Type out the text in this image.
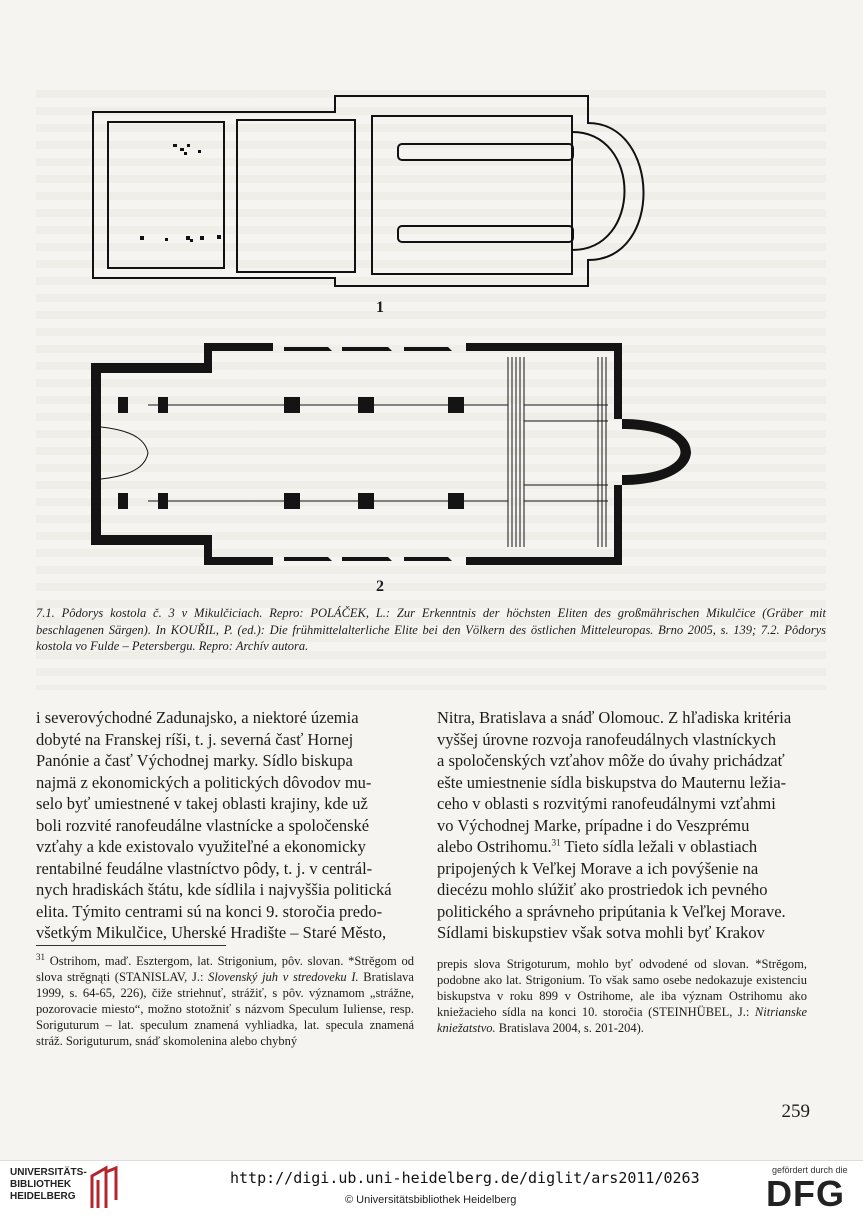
1
2
7.1. Pôdorys kostola č. 3 v Mikulčiciach. Repro: POLÁČEK, L.: Zur Erkenntnis der höchsten Eliten des großmährischen Mikulčice (Gräber mit beschlagenen Särgen). In KOUŘIL, P. (ed.): Die frühmittelalterliche Elite bei den Völkern des östlichen Mitteleuropas. Brno 2005, s. 139; 7.2. Pôdorys kostola vo Fulde – Petersbergu. Repro: Archív autora.
i severovýchodné Zadunajsko, a niektoré územia
dobyté na Franskej ríši, t. j. severná časť Hornej
Panónie a časť Východnej marky. Sídlo biskupa
najmä z ekonomických a politických dôvodov mu-
selo byť umiestnené v takej oblasti krajiny, kde už
boli rozvité ranofeudálne vlastnícke a spoločenské
vzťahy a kde existovalo využiteľné a ekonomicky
rentabilné feudálne vlastníctvo pôdy, t. j. v centrál-
nych hradiskách štátu, kde sídlila i najvyššia politická
elita. Týmito centrami sú na konci 9. storočia predo-
všetkým Mikulčice, Uherské Hradište – Staré Město,
Nitra, Bratislava a snáď Olomouc. Z hľadiska kritéria
vyššej úrovne rozvoja ranofeudálnych vlastníckych
a spoločenských vzťahov môže do úvahy prichádzať
ešte umiestnenie sídla biskupstva do Mauternu ležia-
ceho v oblasti s rozvitými ranofeudálnymi vzťahmi
vo Východnej Marke, prípadne i do Veszprému
alebo Ostrihomu.$^{31}$ Tieto sídla ležali v oblastiach
pripojených k Veľkej Morave a ich povýšenie na
diecézu mohlo slúžiť ako prostriedok ich pevného
politického a správneho pripútania k Veľkej Morave.
Sídlami biskupstiev však sotva mohli byť Krakov
$^{31}$ Ostrihom, maď. Esztergom, lat. Strigonium, pôv. slovan. *Strěgom od slova strěgnąti (STANISLAV, J.: Slovenský juh v stredoveku I. Bratislava 1999, s. 64-65, 226), čiže striehnuť, strážiť, s pôv. významom „strážne, pozorovacie miesto“, možno stotožniť s názvom Speculum Iuliense, resp. Soriguturum – lat. speculum znamená vyhliadka, lat. specula znamená stráž. Soriguturum, snáď skomolenina alebo chybný
prepis slova Strigoturum, mohlo byť odvodené od slovan. *Strěgom, podobne ako lat. Strigonium. To však samo osebe nedokazuje existenciu biskupstva v roku 899 v Ostrihome, ale iba význam Ostrihomu ako kniežacieho sídla na konci 10. storočia (STEINHÜBEL, J.: Nitrianske kniežatstvo. Bratislava 2004, s. 201-204).
259
UNIVERSITÄTS-
BIBLIOTHEK
HEIDELBERG
http://digi.ub.uni-heidelberg.de/diglit/ars2011/0263
© Universitätsbibliothek Heidelberg
gefördert durch die
DFG
